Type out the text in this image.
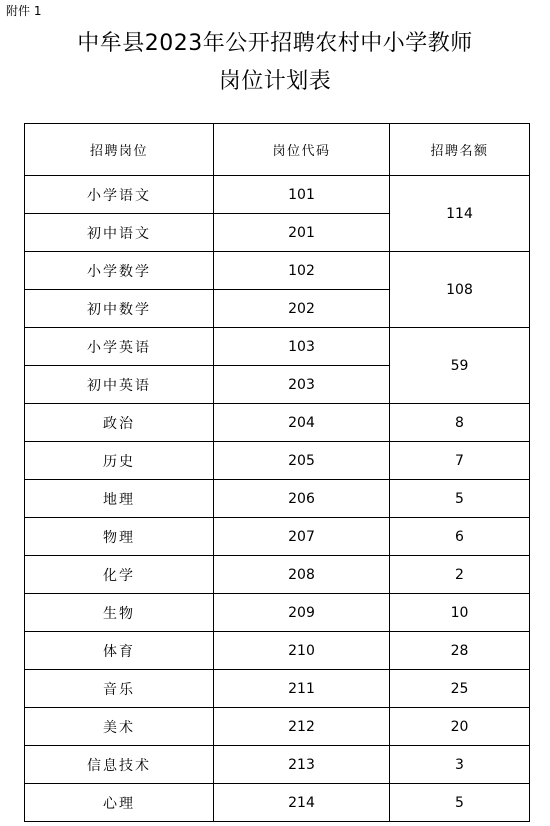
附件 1
中牟县2023年公开招聘农村中小学教师
岗位计划表
招聘岗位	岗位代码	招聘名额
小学语文	101	114
初中语文	201	
小学数学	102	108
初中数学	202	
小学英语	103	59
初中英语	203	
政治	204	8
历史	205	7
地理	206	5
物理	207	6
化学	208	2
生物	209	10
体育	210	28
音乐	211	25
美术	212	20
信息技术	213	3
心理	214	5
